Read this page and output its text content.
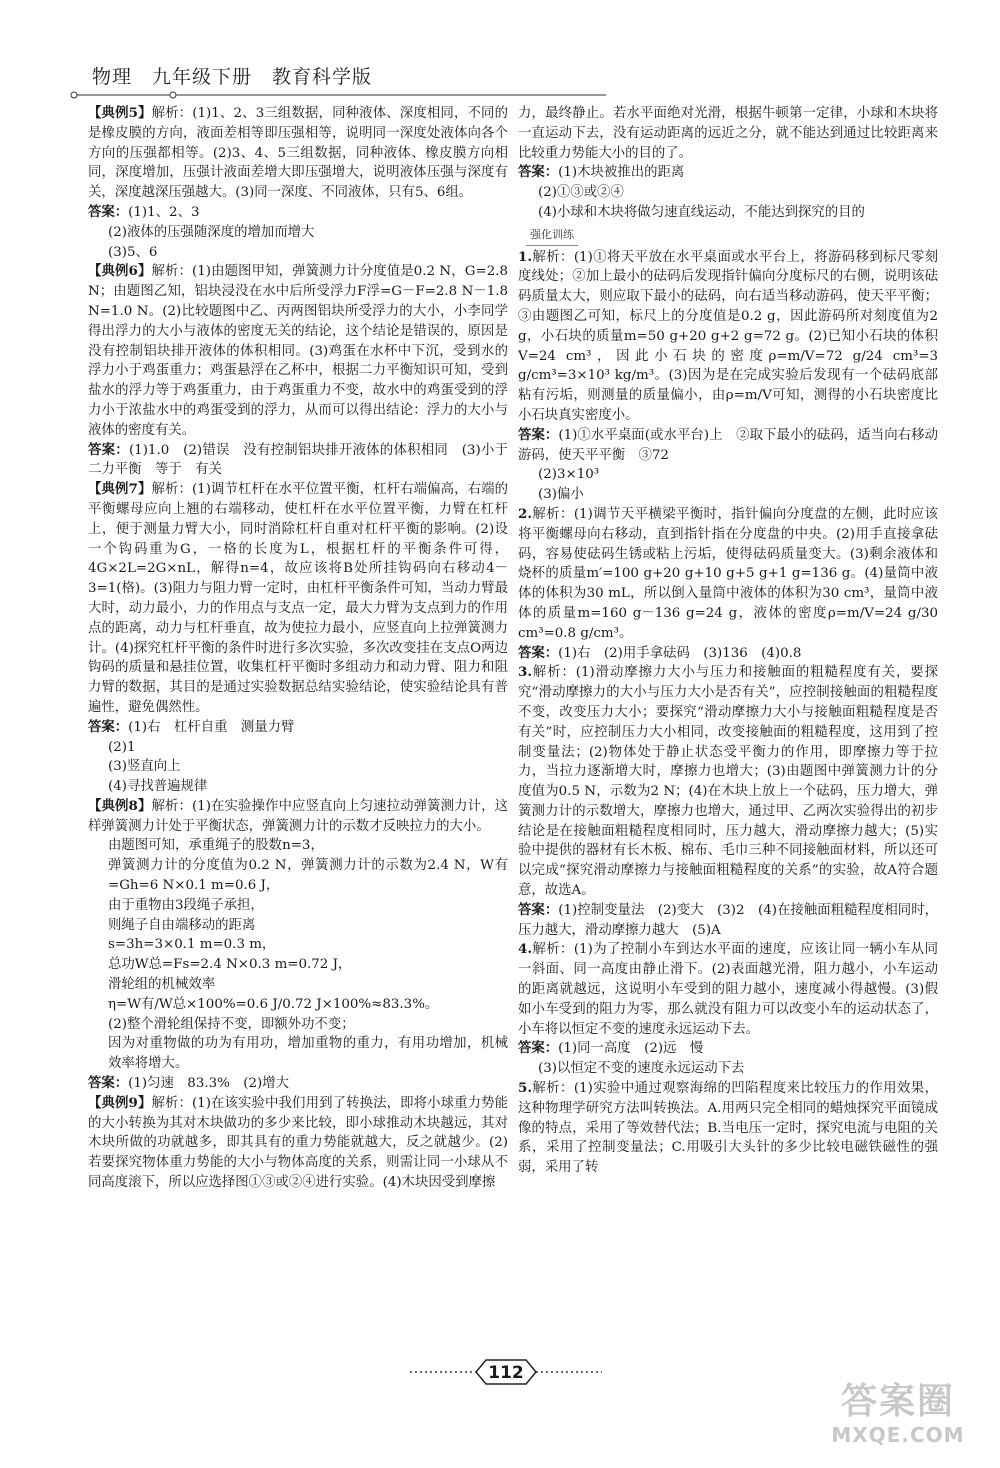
物理　九年级下册　教育科学版

【典例5】解析：(1)1、2、3三组数据，同种液体、深度相同，不同的是橡皮膜的方向，液面差相等即压强相等，说明同一深度处液体向各个方向的压强都相等。(2)3、4、5三组数据，同种液体、橡皮膜方向相同，深度增加，压强计液面差增大即压强增大，说明液体压强与深度有关，深度越深压强越大。(3)同一深度、不同液体，只有5、6组。

答案：(1)1、2、3

(2)液体的压强随深度的增加而增大

(3)5、6

【典例6】解析：(1)由题图甲知，弹簧测力计分度值是0.2 N，G=2.8 N；由题图乙知，铝块浸没在水中后所受浮力F浮=G－F=2.8 N－1.8 N=1.0 N。(2)比较题图中乙、丙两图铝块所受浮力的大小，小李同学得出浮力的大小与液体的密度无关的结论，这个结论是错误的，原因是没有控制铝块排开液体的体积相同。(3)鸡蛋在水杯中下沉，受到水的浮力小于鸡蛋重力；鸡蛋悬浮在乙杯中，根据二力平衡知识可知，受到盐水的浮力等于鸡蛋重力，由于鸡蛋重力不变，故水中的鸡蛋受到的浮力小于浓盐水中的鸡蛋受到的浮力，从而可以得出结论：浮力的大小与液体的密度有关。

答案：(1)1.0　(2)错误　没有控制铝块排开液体的体积相同　(3)小于　二力平衡　等于　有关

【典例7】解析：(1)调节杠杆在水平位置平衡，杠杆右端偏高，右端的平衡螺母应向上翘的右端移动，使杠杆在水平位置平衡，力臂在杠杆上，便于测量力臂大小，同时消除杠杆自重对杠杆平衡的影响。(2)设一个钩码重为G，一格的长度为L，根据杠杆的平衡条件可得，4G×2L=2G×nL，解得n=4，故应该将B处所挂钩码向右移动4－3=1(格)。(3)阻力与阻力臂一定时，由杠杆平衡条件可知，当动力臂最大时，动力最小，力的作用点与支点一定，最大力臂为支点到力的作用点的距离，动力与杠杆垂直，故为使拉力最小，应竖直向上拉弹簧测力计。(4)探究杠杆平衡的条件时进行多次实验，多次改变挂在支点O两边钩码的质量和悬挂位置，收集杠杆平衡时多组动力和动力臂、阻力和阻力臂的数据，其目的是通过实验数据总结实验结论，使实验结论具有普遍性，避免偶然性。

答案：(1)右　杠杆自重　测量力臂

(2)1

(3)竖直向上

(4)寻找普遍规律

【典例8】解析：(1)在实验操作中应竖直向上匀速拉动弹簧测力计，这样弹簧测力计处于平衡状态，弹簧测力计的示数才反映拉力的大小。

由题图可知，承重绳子的股数n=3，

弹簧测力计的分度值为0.2 N，弹簧测力计的示数为2.4 N，W有=Gh=6 N×0.1 m=0.6 J，

由于重物由3段绳子承担，

则绳子自由端移动的距离

s=3h=3×0.1 m=0.3 m，

总功W总=Fs=2.4 N×0.3 m=0.72 J，

滑轮组的机械效率

η=W有/W总×100%=0.6 J/0.72 J×100%≈83.3%。

(2)整个滑轮组保持不变，即额外功不变；

因为对重物做的功为有用功，增加重物的重力，有用功增加，机械效率将增大。

答案：(1)匀速　83.3%　(2)增大

【典例9】解析：(1)在该实验中我们用到了转换法，即将小球重力势能的大小转换为其对木块做功的多少来比较，即小球推动木块越远，其对木块所做的功就越多，即其具有的重力势能就越大，反之就越少。(2)若要探究物体重力势能的大小与物体高度的关系，则需让同一小球从不同高度滚下，所以应选择图①③或②④进行实验。(4)木块因受到摩擦

力，最终静止。若水平面绝对光滑，根据牛顿第一定律，小球和木块将一直运动下去，没有运动距离的远近之分，就不能达到通过比较距离来比较重力势能大小的目的了。

答案：(1)木块被推出的距离

(2)①③或②④

(4)小球和木块将做匀速直线运动，不能达到探究的目的

强化训练

1.解析：(1)①将天平放在水平桌面或水平台上，将游码移到标尺零刻度线处；②加上最小的砝码后发现指针偏向分度标尺的右侧，说明该砝码质量太大，则应取下最小的砝码，向右适当移动游码，使天平平衡；③由题图乙可知，标尺上的分度值是0.2 g，因此游码所对刻度值为2 g，小石块的质量m=50 g+20 g+2 g=72 g。(2)已知小石块的体积V=24 cm³，因此小石块的密度ρ=m/V=72 g/24 cm³=3 g/cm³=3×10³ kg/m³。(3)因为是在完成实验后发现有一个砝码底部粘有污垢，则测量的质量偏小，由ρ=m/V可知，测得的小石块密度比小石块真实密度小。

答案：(1)①水平桌面(或水平台)上　②取下最小的砝码，适当向右移动游码，使天平平衡　③72

(2)3×10³

(3)偏小

2.解析：(1)调节天平横梁平衡时，指针偏向分度盘的左侧，此时应该将平衡螺母向右移动，直到指针指在分度盘的中央。(2)用手直接拿砝码，容易使砝码生锈或粘上污垢，使得砝码质量变大。(3)剩余液体和烧杯的质量m′=100 g+20 g+10 g+5 g+1 g=136 g。(4)量筒中液体的体积为30 mL，所以倒入量筒中液体的体积为30 cm³，量筒中液体的质量m=160 g－136 g=24 g，液体的密度ρ=m/V=24 g/30 cm³=0.8 g/cm³。

答案：(1)右　(2)用手拿砝码　(3)136　(4)0.8

3.解析：(1)滑动摩擦力大小与压力和接触面的粗糙程度有关，要探究“滑动摩擦力的大小与压力大小是否有关”，应控制接触面的粗糙程度不变，改变压力大小；要探究“滑动摩擦力大小与接触面粗糙程度是否有关”时，应控制压力大小相同，改变接触面的粗糙程度，这用到了控制变量法；(2)物体处于静止状态受平衡力的作用，即摩擦力等于拉力，当拉力逐渐增大时，摩擦力也增大；(3)由题图中弹簧测力计的分度值为0.5 N，示数为2 N；(4)在木块上放上一个砝码，压力增大，弹簧测力计的示数增大，摩擦力也增大，通过甲、乙两次实验得出的初步结论是在接触面粗糙程度相同时，压力越大，滑动摩擦力越大；(5)实验中提供的器材有长木板、棉布、毛巾三种不同接触面材料，所以还可以完成“探究滑动摩擦力与接触面粗糙程度的关系”的实验，故A符合题意，故选A。

答案：(1)控制变量法　(2)变大　(3)2　(4)在接触面粗糙程度相同时，压力越大，滑动摩擦力越大　(5)A

4.解析：(1)为了控制小车到达水平面的速度，应该让同一辆小车从同一斜面、同一高度由静止滑下。(2)表面越光滑，阻力越小，小车运动的距离就越远，这说明小车受到的阻力越小，速度减小得越慢。(3)假如小车受到的阻力为零，那么就没有阻力可以改变小车的运动状态了，小车将以恒定不变的速度永远运动下去。

答案：(1)同一高度　(2)远　慢

(3)以恒定不变的速度永远运动下去

5.解析：(1)实验中通过观察海绵的凹陷程度来比较压力的作用效果，这种物理学研究方法叫转换法。A.用两只完全相同的蜡烛探究平面镜成像的特点，采用了等效替代法；B.当电压一定时，探究电流与电阻的关系，采用了控制变量法；C.用吸引大头针的多少比较电磁铁磁性的强弱，采用了转

112
答案圈
MXQE.COM
